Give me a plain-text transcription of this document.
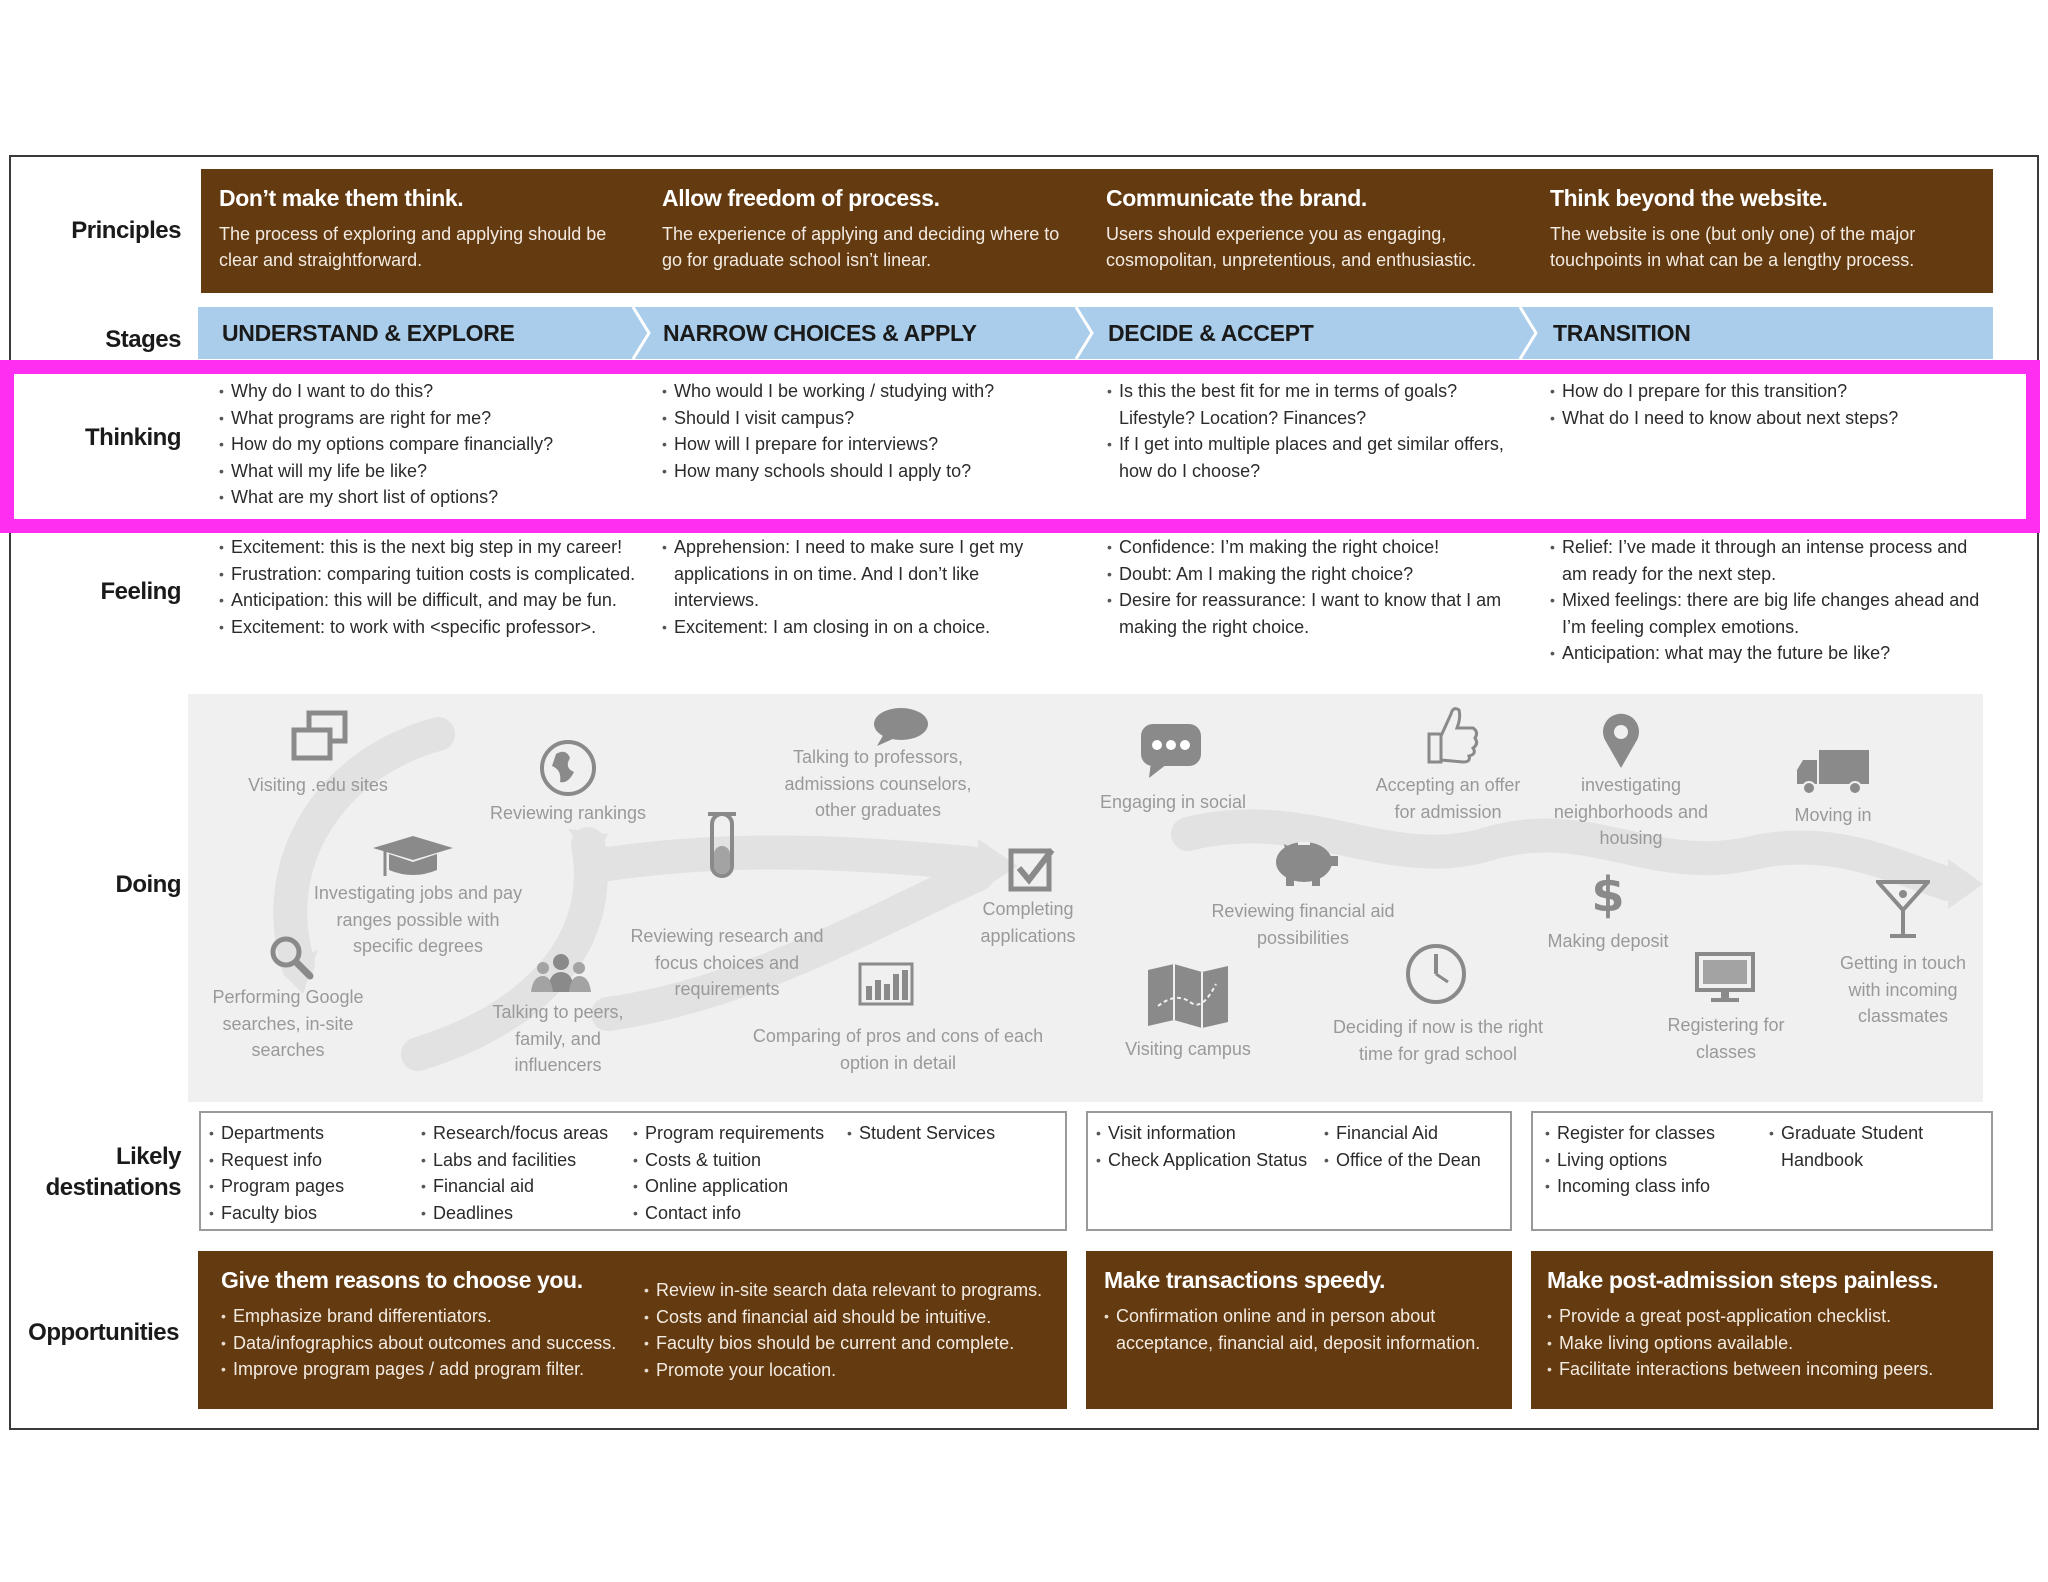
Principles
Stages
Thinking
Feeling
Doing
Likely
destinations
Opportunities
Don’t make them think.
The process of exploring and applying should be clear and straightforward.
Allow freedom of process.
The experience of applying and deciding where to go for graduate school isn’t linear.
Communicate the brand.
Users should experience you as engaging, cosmopolitan, unpretentious, and enthusiastic.
Think beyond the website.
The website is one (but only one) of the major touchpoints in what can be a lengthy process.
UNDERSTAND & EXPLORE	NARROW CHOICES & APPLY	DECIDE & ACCEPT	TRANSITION
• Why do I want to do this?
• What programs are right for me?
• How do my options compare financially?
• What will my life be like?
• What are my short list of options?
• Who would I be working / studying with?
• Should I visit campus?
• How will I prepare for interviews?
• How many schools should I apply to?
• Is this the best fit for me in terms of goals? Lifestyle? Location? Finances?
• If I get into multiple places and get similar offers, how do I choose?
• How do I prepare for this transition?
• What do I need to know about next steps?
• Excitement: this is the next big step in my career!
• Frustration: comparing tuition costs is complicated.
• Anticipation: this will be difficult, and may be fun.
• Excitement: to work with <specific professor>.
• Apprehension: I need to make sure I get my applications in on time. And I don’t like interviews.
• Excitement: I am closing in on a choice.
• Confidence: I’m making the right choice!
• Doubt: Am I making the right choice?
• Desire for reassurance: I want to know that I am making the right choice.
• Relief: I’ve made it through an intense process and am ready for the next step.
• Mixed feelings: there are big life changes ahead and I’m feeling complex emotions.
• Anticipation: what may the future be like?
$
Visiting .edu sites
Reviewing rankings
Investigating jobs and pay ranges possible with specific degrees
Performing Google searches, in-site searches
Talking to peers, family, and influencers
Talking to professors, admissions counselors, other graduates
Reviewing research and focus choices and requirements
Comparing of pros and cons of each option in detail
Completing applications
Engaging in social
Accepting an offer for admission
Reviewing financial aid possibilities
Visiting campus
Deciding if now is the right time for grad school
investigating neighborhoods and housing
Moving in
Making deposit
Registering for classes
Getting in touch with incoming classmates
• Departments
• Request info
• Program pages
• Faculty bios
• Research/focus areas
• Labs and facilities
• Financial aid
• Deadlines
• Program requirements
• Costs & tuition
• Online application
• Contact info
• Student Services
•	Visit information
• Check Application Status
• Financial Aid
• Office of the Dean
• Register for classes
• Living options
• Incoming class info
• Graduate Student Handbook
Give them reasons to choose you.
• Emphasize brand differentiators.
• Data/infographics about outcomes and success.
• Improve program pages / add program filter.
• Review in-site search data relevant to programs.
• Costs and financial aid should be intuitive.
• Faculty bios should be current and complete.
• Promote your location.
Make transactions speedy.
• Confirmation online and in person about acceptance, financial aid, deposit information.
Make post-admission steps painless.
• Provide a great post-application checklist.
• Make living options available.
• Facilitate interactions between incoming peers.
